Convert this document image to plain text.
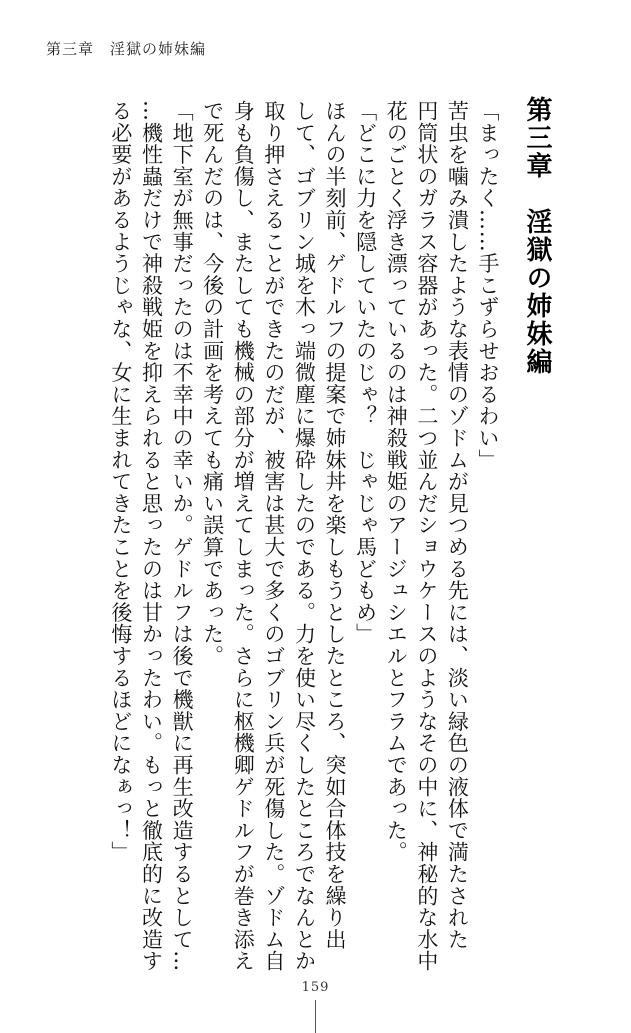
第三章　淫獄の姉妹編
第三章　淫獄の姉妹編
「まったく……手こずらせおるわい」
苦虫を噛み潰したような表情のゾドムが見つめる先には、淡い緑色の液体で満たされた
円筒状のガラス容器があった。二つ並んだショウケースのようなその中に、神秘的な水中
花のごとく浮き漂っているのは神殺戦姫のアージュシエルとフラムであった。
「どこに力を隠していたのじゃ？　じゃじゃ馬どもめ」
ほんの半刻前、ゲドルフの提案で姉妹丼を楽しもうとしたところ、突如合体技を繰り出
して、ゴブリン城を木っ端微塵に爆砕したのである。力を使い尽くしたところでなんとか
取り押さえることができたのだが、被害は甚大で多くのゴブリン兵が死傷した。ゾドム自
身も負傷し、またしても機械の部分が増えてしまった。さらに枢機卿ゲドルフが巻き添え
で死んだのは、今後の計画を考えても痛い誤算であった。
「地下室が無事だったのは不幸中の幸いか。ゲドルフは後で機獣に再生改造するとして…
…機性蟲だけで神殺戦姫を抑えられると思ったのは甘かったわい。もっと徹底的に改造す
る必要があるようじゃな、女に生まれてきたことを後悔するほどになぁっ！」
159
